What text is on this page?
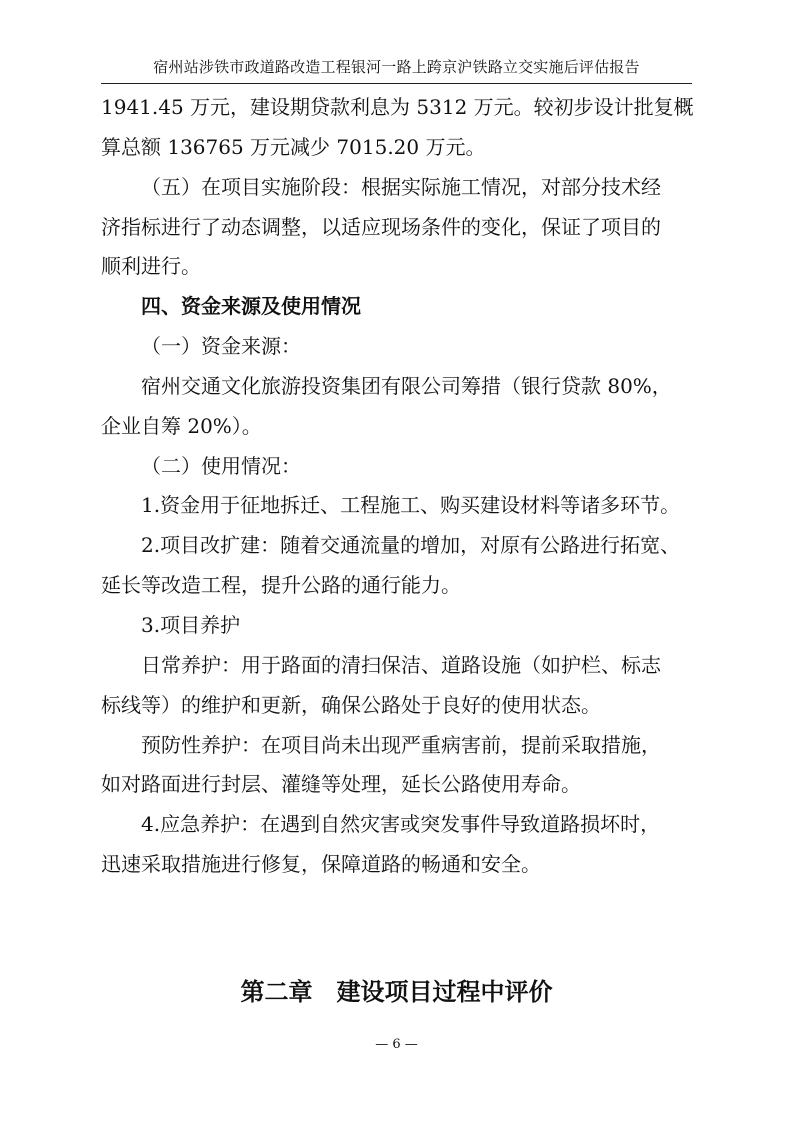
宿州站涉铁市政道路改造工程银河一路上跨京沪铁路立交实施后评估报告
1941.45 万元，建设期贷款利息为 5312 万元。较初步设计批复概
算总额 136765 万元减少 7015.20 万元。
（五）在项目实施阶段：根据实际施工情况，对部分技术经
济指标进行了动态调整，以适应现场条件的变化，保证了项目的
顺利进行。
四、资金来源及使用情况
（一）资金来源：
宿州交通文化旅游投资集团有限公司筹措（银行贷款 80%，
企业自筹 20%）。
（二）使用情况：
1.资金用于征地拆迁、工程施工、购买建设材料等诸多环节。
2.项目改扩建：随着交通流量的增加，对原有公路进行拓宽、
延长等改造工程，提升公路的通行能力。
3.项目养护
日常养护：用于路面的清扫保洁、道路设施（如护栏、标志
标线等）的维护和更新，确保公路处于良好的使用状态。
预防性养护：在项目尚未出现严重病害前，提前采取措施，
如对路面进行封层、灌缝等处理，延长公路使用寿命。
4.应急养护：在遇到自然灾害或突发事件导致道路损坏时，
迅速采取措施进行修复，保障道路的畅通和安全。
第二章　建设项目过程中评价
— 6 —
